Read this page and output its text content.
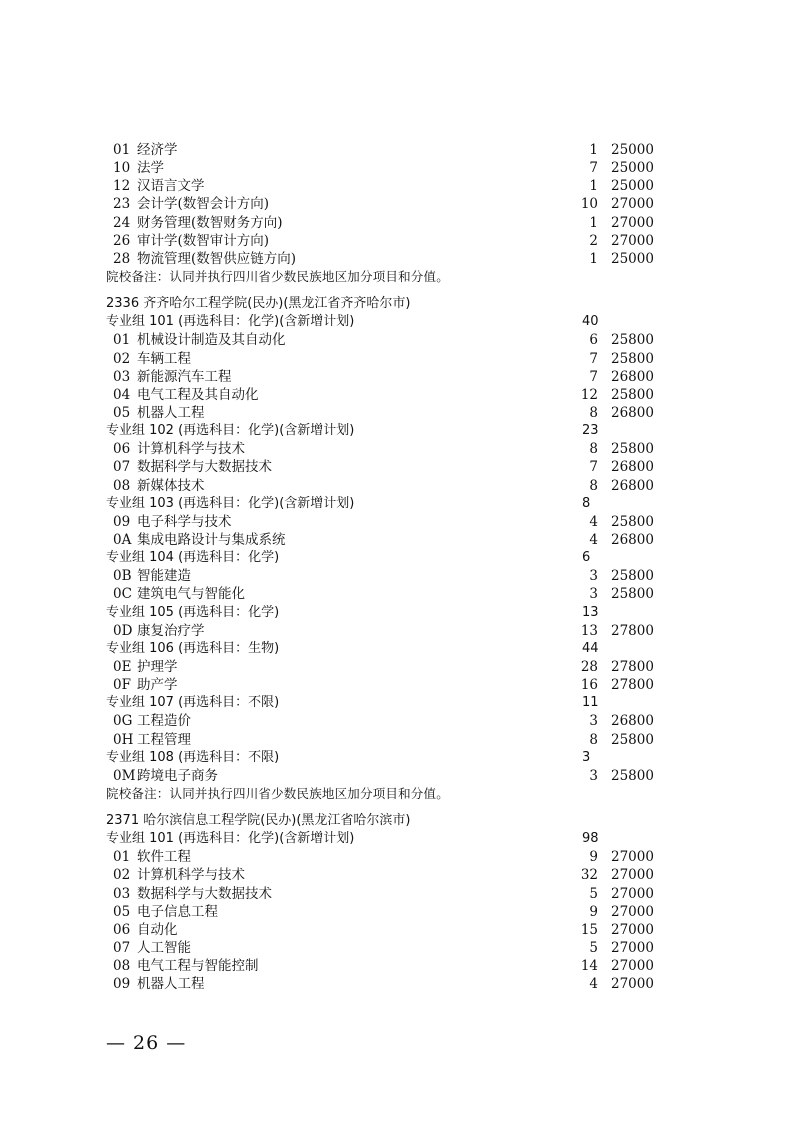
01 经济学	1 25000
10 法学	7 25000
12 汉语言文学	1 25000
23 会计学(数智会计方向)	10 27000
24 财务管理(数智财务方向)	1 27000
26 审计学(数智审计方向)	2 27000
28 物流管理(数智供应链方向)	1 25000
院校备注：认同并执行四川省少数民族地区加分项目和分值。
2336 齐齐哈尔工程学院(民办)(黑龙江省齐齐哈尔市)
专业组 101 (再选科目：化学)(含新增计划)	40
01 机械设计制造及其自动化	6 25800
02 车辆工程	7 25800
03 新能源汽车工程	7 26800
04 电气工程及其自动化	12 25800
05 机器人工程	8 26800
专业组 102 (再选科目：化学)(含新增计划)	23
06 计算机科学与技术	8 25800
07 数据科学与大数据技术	7 26800
08 新媒体技术	8 26800
专业组 103 (再选科目：化学)(含新增计划)	8
09 电子科学与技术	4 25800
0A 集成电路设计与集成系统	4 26800
专业组 104 (再选科目：化学)	6
0B 智能建造	3 25800
0C 建筑电气与智能化	3 25800
专业组 105 (再选科目：化学)	13
0D 康复治疗学	13 27800
专业组 106 (再选科目：生物)	44
0E 护理学	28 27800
0F 助产学	16 27800
专业组 107 (再选科目：不限)	11
0G 工程造价	3 26800
0H 工程管理	8 25800
专业组 108 (再选科目：不限)	3
0M 跨境电子商务	3 25800
院校备注：认同并执行四川省少数民族地区加分项目和分值。
2371 哈尔滨信息工程学院(民办)(黑龙江省哈尔滨市)
专业组 101 (再选科目：化学)(含新增计划)	98
01 软件工程	9 27000
02 计算机科学与技术	32 27000
03 数据科学与大数据技术	5 27000
05 电子信息工程	9 27000
06 自动化	15 27000
07 人工智能	5 27000
08 电气工程与智能控制	14 27000
09 机器人工程	4 27000
— 26 —
